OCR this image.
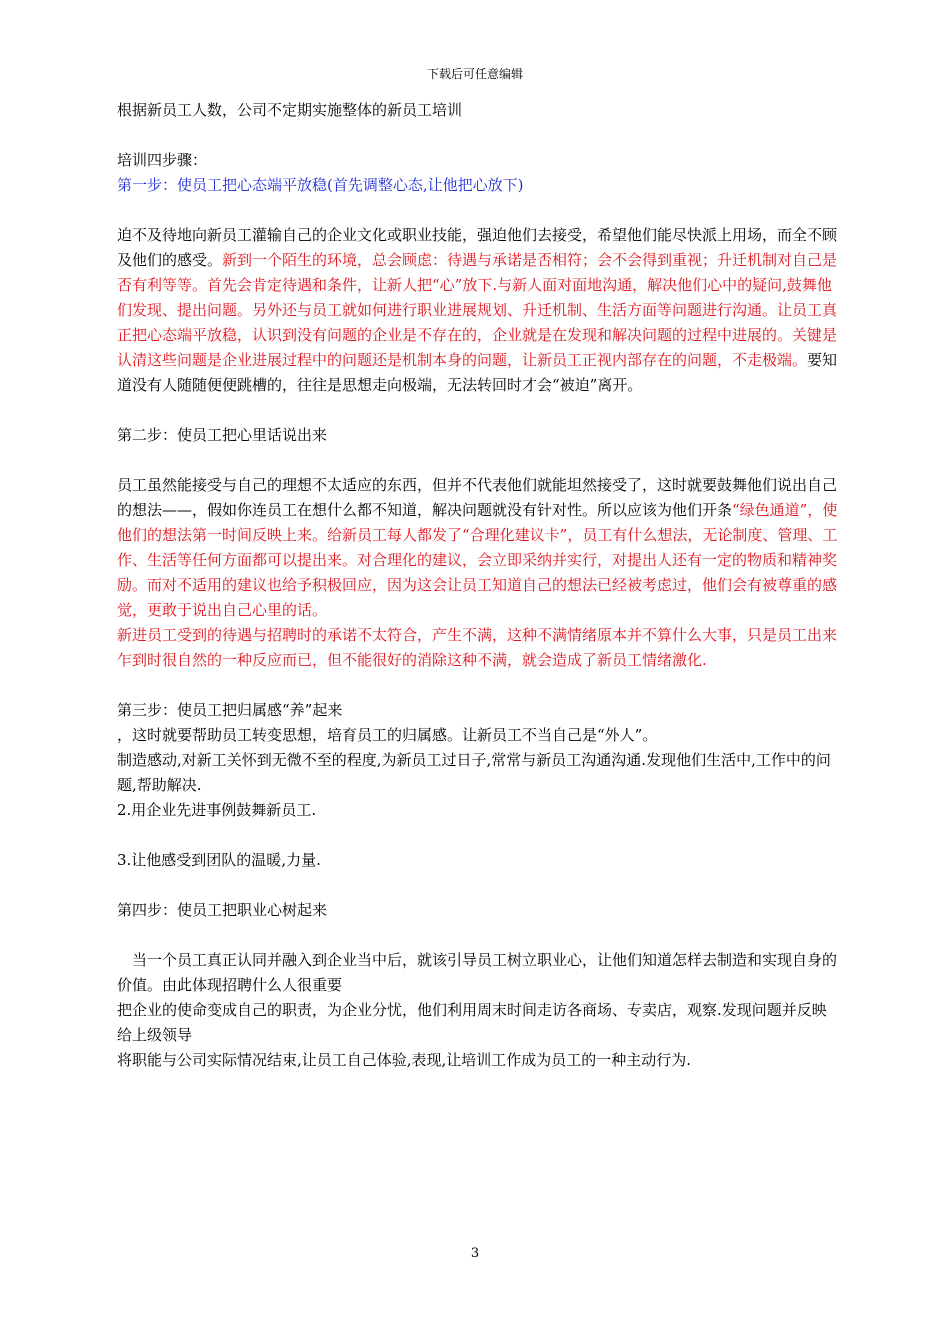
下载后可任意编辑

根据新员工人数，公司不定期实施整体的新员工培训

培训四步骤：

第一步：使员工把心态端平放稳(首先调整心态,让他把心放下)

迫不及待地向新员工灌输自己的企业文化或职业技能，强迫他们去接受，希望他们能尽快派上用场，而全不顾及他们的感受。新到一个陌生的环境，总会顾虑：待遇与承诺是否相符；会不会得到重视；升迁机制对自己是否有利等等。首先会肯定待遇和条件，让新人把“心”放下.与新人面对面地沟通，解决他们心中的疑问,鼓舞他们发现、提出问题。另外还与员工就如何进行职业进展规划、升迁机制、生活方面等问题进行沟通。让员工真正把心态端平放稳，认识到没有问题的企业是不存在的，企业就是在发现和解决问题的过程中进展的。关键是认清这些问题是企业进展过程中的问题还是机制本身的问题，让新员工正视内部存在的问题，不走极端。要知道没有人随随便便跳槽的，往往是思想走向极端，无法转回时才会“被迫”离开。

第二步：使员工把心里话说出来

员工虽然能接受与自己的理想不太适应的东西，但并不代表他们就能坦然接受了，这时就要鼓舞他们说出自己的想法——，假如你连员工在想什么都不知道，解决问题就没有针对性。所以应该为他们开条“绿色通道”，使他们的想法第一时间反映上来。给新员工每人都发了“合理化建议卡”，员工有什么想法，无论制度、管理、工作、生活等任何方面都可以提出来。对合理化的建议，会立即采纳并实行，对提出人还有一定的物质和精神奖励。而对不适用的建议也给予积极回应，因为这会让员工知道自己的想法已经被考虑过，他们会有被尊重的感觉，更敢于说出自己心里的话。

新进员工受到的待遇与招聘时的承诺不太符合，产生不满，这种不满情绪原本并不算什么大事，只是员工出来乍到时很自然的一种反应而已，但不能很好的消除这种不满，就会造成了新员工情绪激化.

第三步：使员工把归属感“养”起来

，这时就要帮助员工转变思想，培育员工的归属感。让新员工不当自己是“外人”。

制造感动,对新工关怀到无微不至的程度,为新员工过日子,常常与新员工沟通沟通.发现他们生活中,工作中的问题,帮助解决.

2.用企业先进事例鼓舞新员工.

3.让他感受到团队的温暖,力量.

第四步：使员工把职业心树起来

当一个员工真正认同并融入到企业当中后，就该引导员工树立职业心，让他们知道怎样去制造和实现自身的价值。由此体现招聘什么人很重要

把企业的使命变成自己的职责，为企业分忧，他们利用周末时间走访各商场、专卖店，观察.发现问题并反映给上级领导

将职能与公司实际情况结束,让员工自己体验,表现,让培训工作成为员工的一种主动行为.

3
